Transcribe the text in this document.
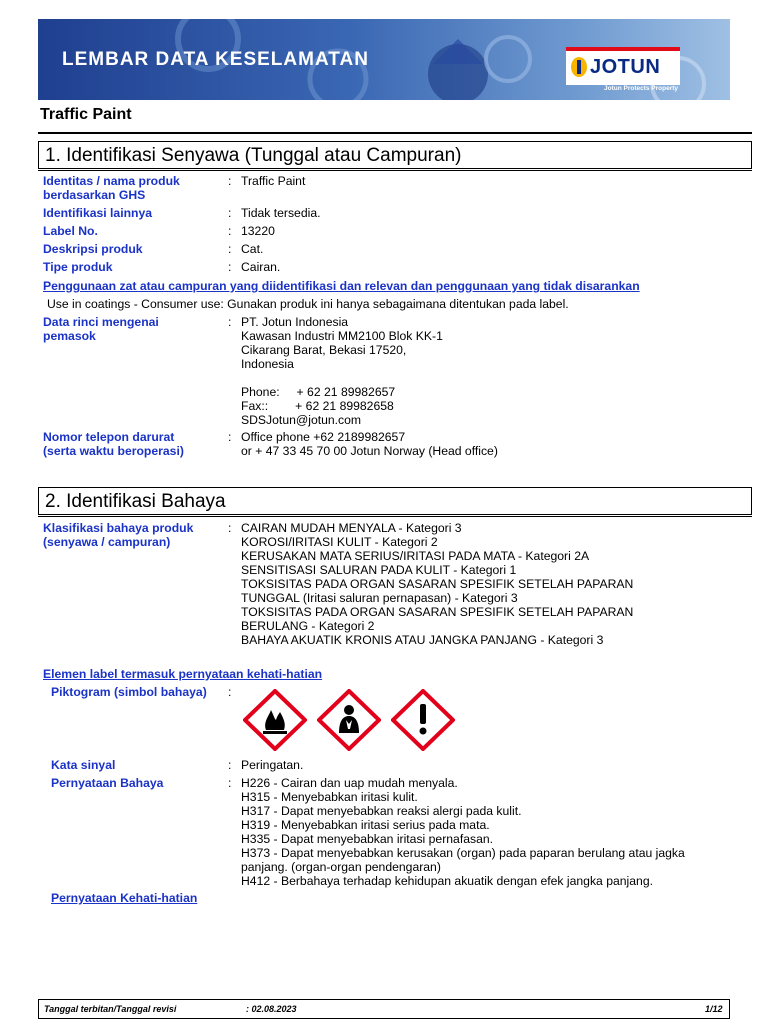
LEMBAR DATA KESELAMATAN	JOTUN
Jotun Protects Property
Traffic Paint
1. Identifikasi Senyawa (Tunggal atau Campuran)
Identitas / nama produk
berdasarkan GHS
: Traffic Paint
Identifikasi lainnya	: Tidak tersedia.
Label No.	: 13220
Deskripsi produk	: Cat.
Tipe produk	: Cairan.
Penggunaan zat atau campuran yang diidentifikasi dan relevan dan penggunaan yang tidak disarankan
Use in coatings - Consumer use: Gunakan produk ini hanya sebagaimana ditentukan pada label.
Data rinci mengenai
pemasok
: PT. Jotun Indonesia
Kawasan Industri MM2100 Blok KK-1
Cikarang Barat, Bekasi 17520,
Indonesia

Phone:     + 62 21 89982657
Fax::        + 62 21 89982658
SDSJotun@jotun.com
Nomor telepon darurat
(serta waktu beroperasi)
: Office phone +62 2189982657
or + 47 33 45 70 00 Jotun Norway (Head office)
2. Identifikasi Bahaya
Klasifikasi bahaya produk
(senyawa / campuran)
: CAIRAN MUDAH MENYALA - Kategori 3
KOROSI/IRITASI KULIT - Kategori 2
KERUSAKAN MATA SERIUS/IRITASI PADA MATA - Kategori 2A
SENSITISASI SALURAN PADA KULIT - Kategori 1
TOKSISITAS PADA ORGAN SASARAN SPESIFIK SETELAH PAPARAN
TUNGGAL (Iritasi saluran pernapasan) - Kategori 3
TOKSISITAS PADA ORGAN SASARAN SPESIFIK SETELAH PAPARAN
BERULANG - Kategori 2
BAHAYA AKUATIK KRONIS ATAU JANGKA PANJANG - Kategori 3
Elemen label termasuk pernyataan kehati-hatian
Piktogram (simbol bahaya) :
Kata sinyal	: Peringatan.
Pernyataan Bahaya	: H226 - Cairan dan uap mudah menyala.
H315 - Menyebabkan iritasi kulit.
H317 - Dapat menyebabkan reaksi alergi pada kulit.
H319 - Menyebabkan iritasi serius pada mata.
H335 - Dapat menyebabkan iritasi pernafasan.
H373 - Dapat menyebabkan kerusakan (organ) pada paparan berulang atau jagka
panjang. (organ-organ pendengaran)
H412 - Berbahaya terhadap kehidupan akuatik dengan efek jangka panjang.
Pernyataan Kehati-hatian
Tanggal terbitan/Tanggal revisi	: 02.08.2023	1/12
